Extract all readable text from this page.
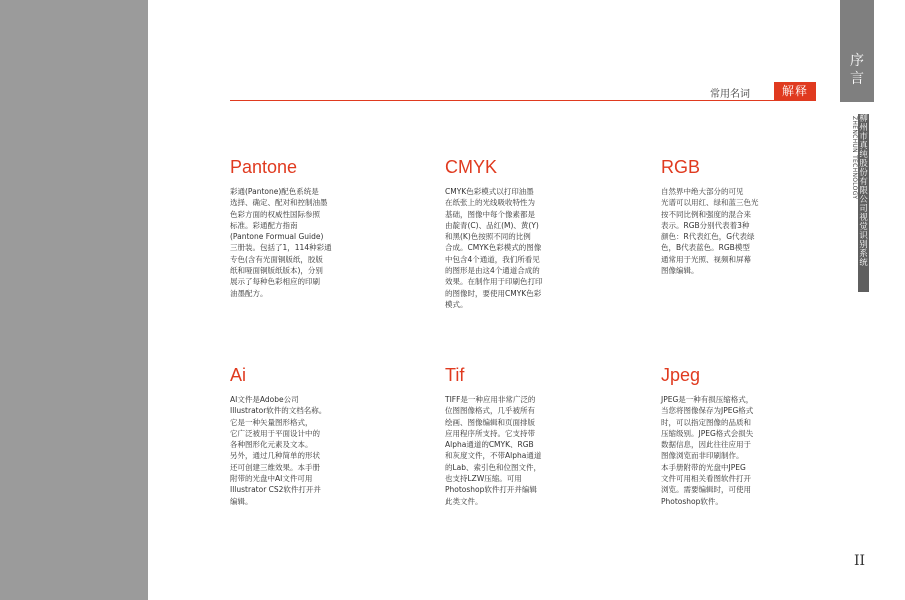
常用名词	解释
序
言
ZHENCHUN TECHNOLOGY 柳州市真纯股份有限公司视觉识别系统
Pantone

彩通(Pantone)配色系统是
选择、确定、配对和控制油墨
色彩方面的权威性国际参照
标准。彩通配方指南
(Pantone Formual Guide)
三册装。包括了1，114种彩通
专色(含有光面铜版纸，胶版
纸和哑面铜版纸版本)，分别
展示了每种色彩相应的印刷
油墨配方。

CMYK

CMYK色彩模式以打印油墨
在纸张上的光线吸收特性为
基础，图像中每个像素都是
由靛青(C)、品红(M)、黄(Y)
和黑(K)色按照不同的比例
合成。CMYK色彩模式的图像
中包含4个通道，我们所看见
的图形是由这4个通道合成的
效果。在制作用于印刷色打印
的图像时，要使用CMYK色彩
模式。

RGB

自然界中绝大部分的可见
光谱可以用红、绿和蓝三色光
按不同比例和强度的混合来
表示。RGB分别代表着3种
颜色：R代表红色，G代表绿
色，B代表蓝色。RGB模型
通常用于光照、视频和屏幕
图像编辑。

Ai

AI文件是Adobe公司
Illustrator软件的文档名称。
它是一种矢量图形格式，
它广泛被用于平面设计中的
各种图形化元素及文本。
另外，通过几种简单的形状
还可创建三维效果。本手册
附带的光盘中AI文件可用
Illustrator CS2软件打开并
编辑。

Tif

TIFF是一种应用非常广泛的
位图图像格式，几乎被所有
绘画、图像编辑和页面排版
应用程序所支持。它支持带
Alpha通道的CMYK、RGB
和灰度文件，不带Alpha通道
的Lab、索引色和位图文件，
也支持LZW压缩。可用
Photoshop软件打开并编辑
此类文件。

Jpeg

JPEG是一种有损压缩格式，
当您将图像保存为JPEG格式
时，可以指定图像的品质和
压缩级别。JPEG格式会损失
数据信息，因此往往应用于
图像浏览而非印刷制作。
本手册附带的光盘中JPEG
文件可用相关看图软件打开
浏览。需要编辑时，可使用
Photoshop软件。

II
